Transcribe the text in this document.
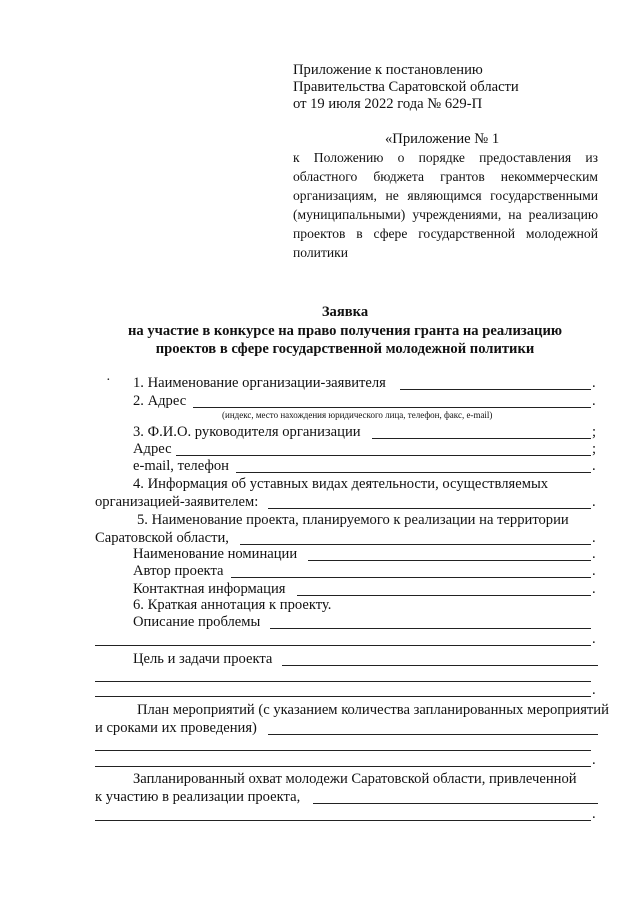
Приложение к постановлению
Правительства Саратовской области
от 19 июля 2022 года № 629-П
«Приложение № 1
к Положению о порядке предоставления из областного бюджета грантов некоммерческим организациям, не являющимся государственными (муниципальными) учреждениями, на реализацию проектов в сфере государственной молодежной политики
Заявка
на участие в конкурсе на право получения гранта на реализацию
проектов в сфере государственной молодежной политики
· 1. Наименование организации-заявителя	.
2. Адрес	.
(индекс, место нахождения юридического лица, телефон, факс, e-mail)
3. Ф.И.О. руководителя организации	;
Адрес	;
e-mail, телефон	.
4. Информация об уставных видах деятельности, осуществляемых
организацией-заявителем:	.
5. Наименование проекта, планируемого к реализации на территории
Саратовской области,	.
Наименование номинации	.
Автор проекта	.
Контактная информация	.
6. Краткая аннотация к проекту.
Описание проблемы
.
Цель и задачи проекта
.
План мероприятий (с указанием количества запланированных мероприятий
и сроками их проведения)
.
Запланированный охват молодежи Саратовской области, привлеченной
к участию в реализации проекта,
.
